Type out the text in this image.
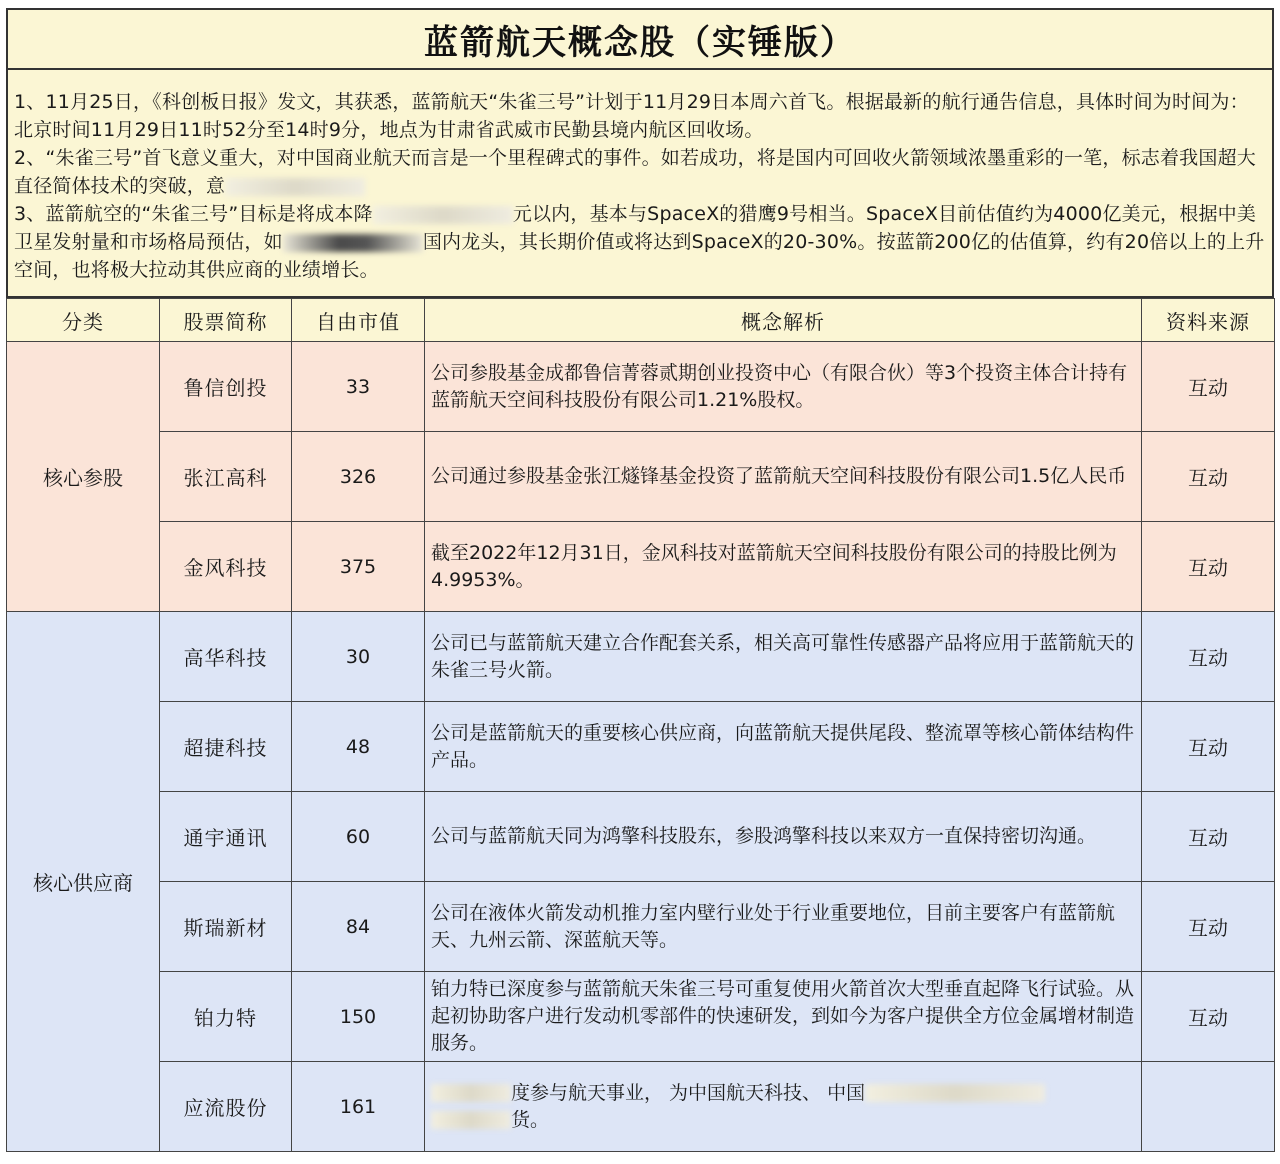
蓝箭航天概念股（实锤版）

1、11月25日，《科创板日报》发文，其获悉，蓝箭航天“朱雀三号”计划于11月29日本周六首飞。根据最新的航行通告信息，具体时间为时间为：北京时间11月29日11时52分至14时9分，地点为甘肃省武威市民勤县境内航区回收场。

2、“朱雀三号”首飞意义重大，对中国商业航天而言是一个里程碑式的事件。如若成功，将是国内可回收火箭领域浓墨重彩的一笔，标志着我国超大直径简体技术的突破，意

3、蓝箭航空的“朱雀三号”目标是将成本降	元以内，基本与SpaceX的猎鹰9号相当。SpaceX目前估值约为4000亿美元，根据中美卫星发射量和市场格局预估，如	国内龙头，其长期价值或将达到SpaceX的20-30%。按蓝箭200亿的估值算，约有20倍以上的上升空间，也将极大拉动其供应商的业绩增长。

分类	股票简称	自由市值	概念解析	资料来源
核心参股	鲁信创投	33	公司参股基金成都鲁信菁蓉贰期创业投资中心（有限合伙）等3个投资主体合计持有蓝箭航天空间科技股份有限公司1.21%股权。	互动
	张江高科	326	公司通过参股基金张江燧锋基金投资了蓝箭航天空间科技股份有限公司1.5亿人民币	互动
	金风科技	375	截至2022年12月31日，金风科技对蓝箭航天空间科技股份有限公司的持股比例为4.9953%。	互动
核心供应商	高华科技	30	公司已与蓝箭航天建立合作配套关系，相关高可靠性传感器产品将应用于蓝箭航天的朱雀三号火箭。	互动
	超捷科技	48	公司是蓝箭航天的重要核心供应商，向蓝箭航天提供尾段、整流罩等核心箭体结构件产品。	互动
	通宇通讯	60	公司与蓝箭航天同为鸿擎科技股东，参股鸿擎科技以来双方一直保持密切沟通。	互动
	斯瑞新材	84	公司在液体火箭发动机推力室内壁行业处于行业重要地位，目前主要客户有蓝箭航天、九州云箭、深蓝航天等。	互动
	铂力特	150	铂力特已深度参与蓝箭航天朱雀三号可重复使用火箭首次大型垂直起降飞行试验。从起初协助客户进行发动机零部件的快速研发，到如今为客户提供全方位金属增材制造服务。	互动
	应流股份	161	度参与航天事业， 为中国航天科技、 中国
货。	
